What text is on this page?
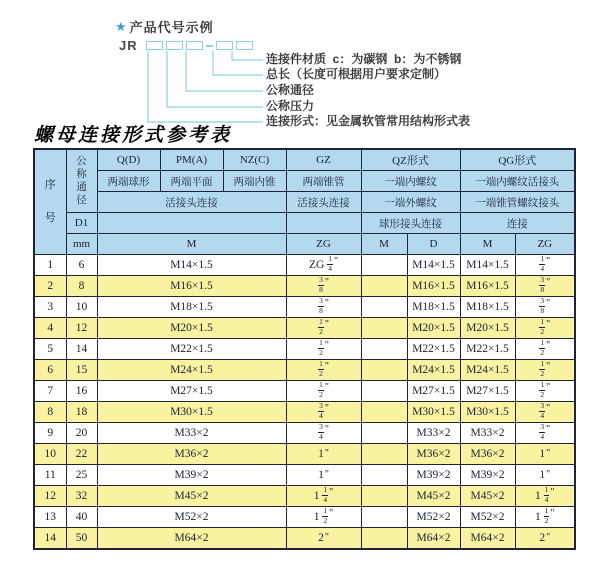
★ 产品代号示例
JR
连接件材质  c：为碳钢  b：为不锈钢
总长（长度可根据用户要求定制）
公称通径
公称压力
连接形式：见金属软管常用结构形式表
螺母连接形式参考表
序号	公称通径	Q(D)	PM(A)	NZ(C)	GZ	QZ形式		QG形式	
		两端球形	两端平面	两端内锥	两端锥管	一端内螺纹		一端内螺纹活接头	
		活接头连接			活接头连接	一端外螺纹		一端锥管螺纹接头	
	D1					球形接头连接		连接	
	mm	M			ZG	M	D	M	ZG
1	6	M14×1.5			ZG $\frac{1}{4}$ "		M14×1.5	M14×1.5	$\frac{1}{4}$ "
2	8	M16×1.5			$\frac{3}{8}$ "		M16×1.5	M16×1.5	$\frac{3}{8}$ "
3	10	M18×1.5			$\frac{3}{8}$ "		M18×1.5	M18×1.5	$\frac{3}{8}$ "
4	12	M20×1.5			$\frac{1}{2}$ "		M20×1.5	M20×1.5	$\frac{1}{2}$ "
5	14	M22×1.5			$\frac{1}{2}$ "		M22×1.5	M22×1.5	$\frac{1}{2}$ "
6	15	M24×1.5			$\frac{1}{2}$ "		M24×1.5	M24×1.5	$\frac{1}{2}$ "
7	16	M27×1.5			$\frac{1}{2}$ "		M27×1.5	M27×1.5	$\frac{1}{2}$ "
8	18	M30×1.5			$\frac{3}{4}$ "		M30×1.5	M30×1.5	$\frac{3}{4}$ "
9	20	M33×2			$\frac{3}{4}$ "		M33×2	M33×2	$\frac{3}{4}$ "
10	22	M36×2			1"		M36×2	M36×2	1"
11	25	M39×2			1"		M39×2	M39×2	1"
12	32	M45×2			$1 \frac{1}{4}$ "		M45×2	M45×2	$1 \frac{1}{4}$ "
13	40	M52×2			$1 \frac{1}{2}$ "		M52×2	M52×2	$1 \frac{1}{2}$ "
14	50	M64×2			2"		M64×2	M64×2	2"
